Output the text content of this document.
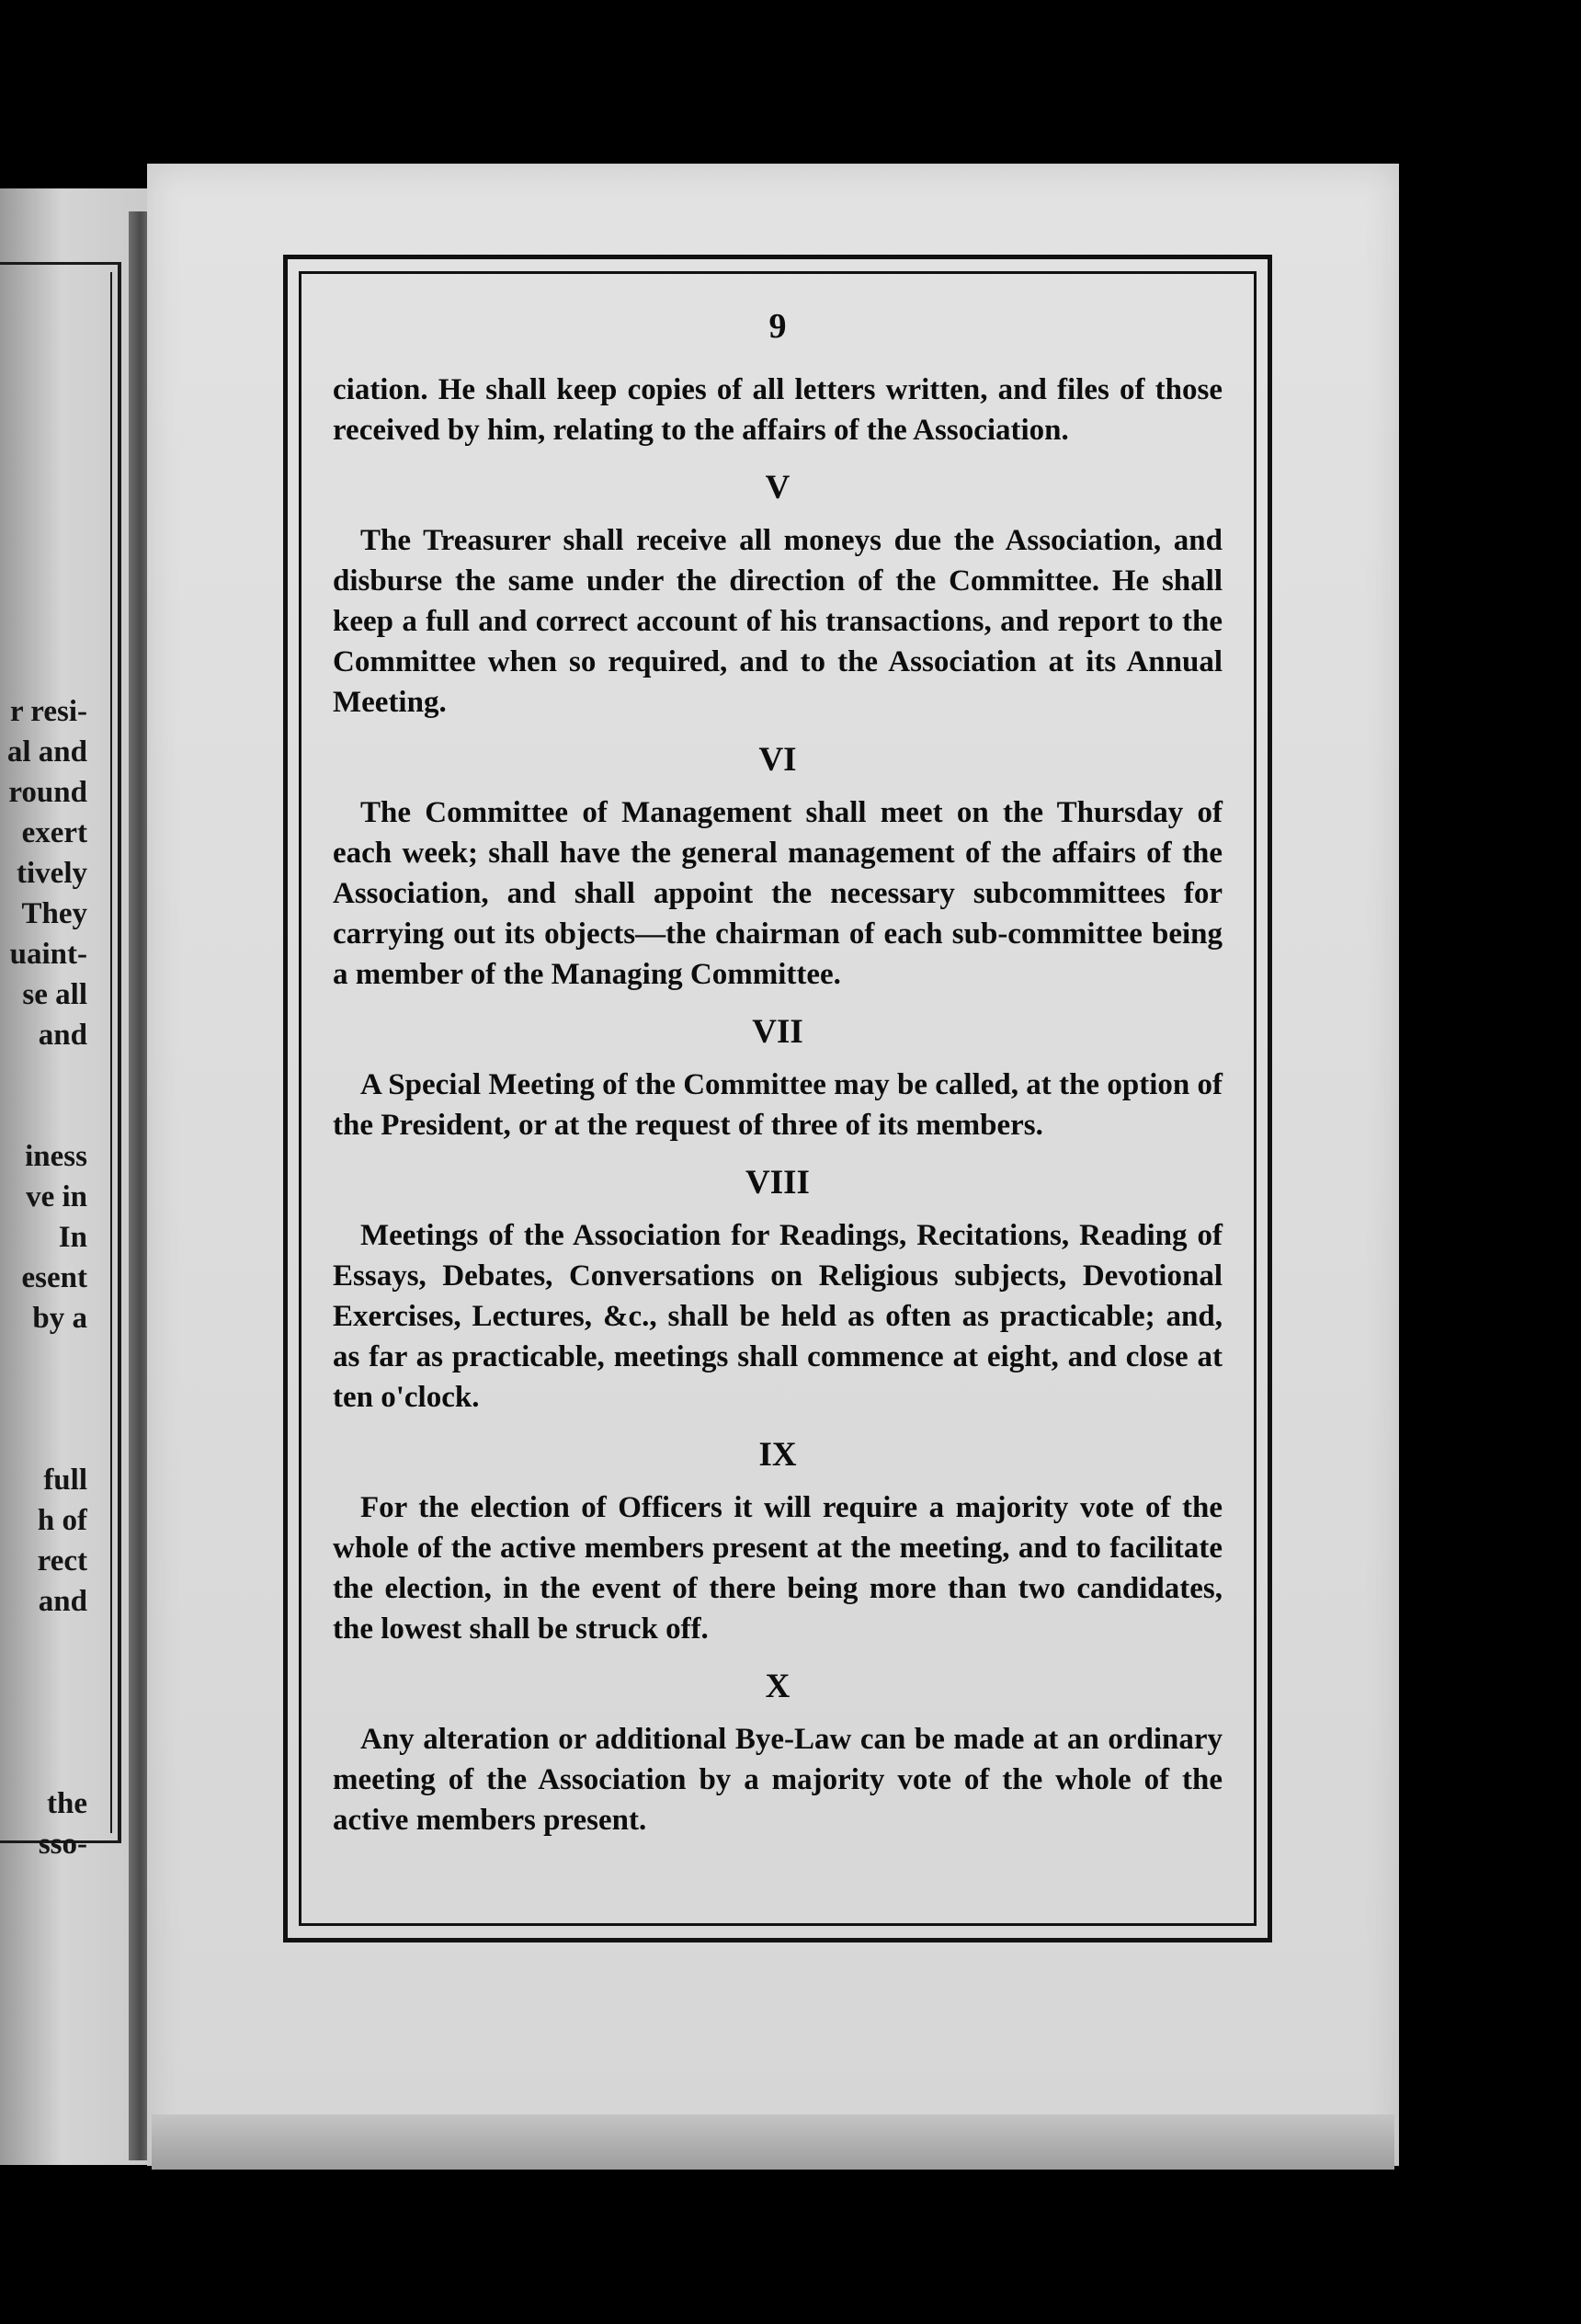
r resi-
al and
round
exert
tively
They
uaint-
se all
and
iness
ve in
In
esent
by a
full
h of
rect
and
the
sso-
9

ciation. He shall keep copies of all letters written, and files of those received by him, relating to the affairs of the Association.

V

The Treasurer shall receive all moneys due the Association, and disburse the same under the direction of the Committee. He shall keep a full and correct account of his transactions, and report to the Committee when so required, and to the Association at its Annual Meeting.

VI

The Committee of Management shall meet on the Thursday of each week; shall have the general management of the affairs of the Association, and shall appoint the necessary subcommittees for carrying out its objects—the chairman of each sub-committee being a member of the Managing Committee.

VII

A Special Meeting of the Committee may be called, at the option of the President, or at the request of three of its members.

VIII

Meetings of the Association for Readings, Recitations, Reading of Essays, Debates, Conversations on Religious subjects, Devotional Exercises, Lectures, &c., shall be held as often as practicable; and, as far as practicable, meetings shall commence at eight, and close at ten o'clock.

IX

For the election of Officers it will require a majority vote of the whole of the active members present at the meeting, and to facilitate the election, in the event of there being more than two candidates, the lowest shall be struck off.

X

Any alteration or additional Bye-Law can be made at an ordinary meeting of the Association by a majority vote of the whole of the active members present.
